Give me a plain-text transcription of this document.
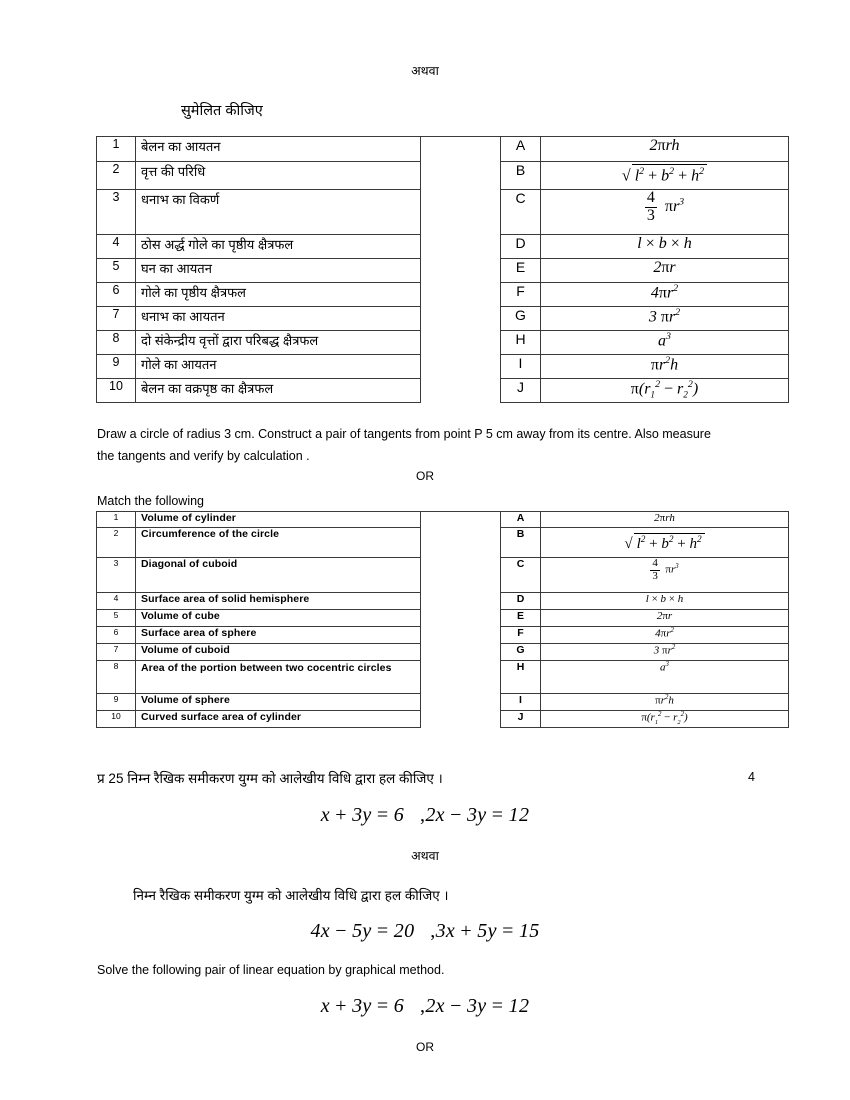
अथवा
सुमेलित कीजिए
1	बेलन का आयतन		A	2πrh
2	वृत्त की परिधि		B	√ $l^2 + b^2 + h^2$
3	धनाभ का विकर्ण		C	$\frac{4}{3} \pi r^3$
4	ठोस अर्द्ध गोले का पृष्ठीय क्षैत्रफल		D	l × b × h
5	घन का आयतन		E	2πr
6	गोले का पृष्ठीय क्षैत्रफल		F	$4\pi r^2$
7	धनाभ का आयतन		G	3 $\pi r^2$
8	दो संकेन्द्रीय वृत्तों द्वारा परिबद्ध क्षैत्रफल		H	$a^3$
9	गोले का आयतन		I	$\pi r^2h$
10	बेलन का वक्रपृष्ठ का क्षैत्रफल		J	$\pi(r_1^2 - r_2^2)$
Draw a circle of radius 3 cm. Construct a pair of tangents from point P 5 cm away from its centre. Also measure
the tangents and verify by calculation .
OR
Match the following
1	Volume of cylinder		A	2πrh
2	Circumference of the circle		B	√ $l^2 + b^2 + h^2$
3	Diagonal of cuboid		C	$\frac{4}{3} \pi r^3$
4	Surface area of solid hemisphere		D	l × b × h
5	Volume of cube		E	2πr
6	Surface area of sphere		F	$4\pi r^2$
7	Volume of cuboid		G	3 $\pi r^2$
8	Area of the portion between two cocentric circles		H	$a^3$
9	Volume of sphere		I	$\pi r^2h$
10	Curved surface area of cylinder		J	$\pi(r_1^2 - r_2^2)$
प्र 25 निम्न रैखिक समीकरण युग्म को आलेखीय विधि द्वारा हल कीजिए ।	4
x + 3y = 6 ,2x − 3y = 12
अथवा
निम्न रैखिक समीकरण युग्म को आलेखीय विधि द्वारा हल कीजिए ।
4x − 5y = 20 ,3x + 5y = 15
Solve the following pair of linear equation by graphical method.
x + 3y = 6 ,2x − 3y = 12
OR
